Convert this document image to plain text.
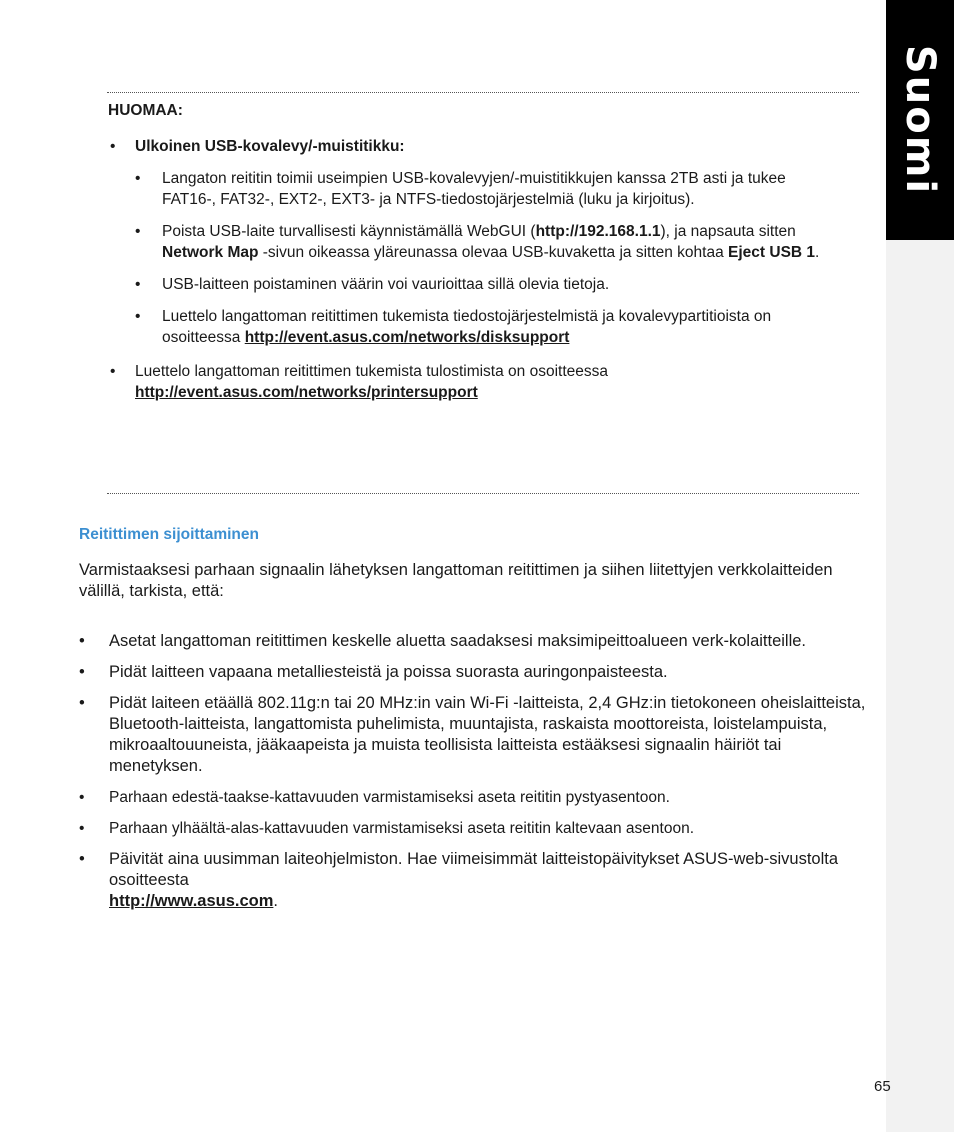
Suomi
HUOMAA:
• Ulkoinen USB-kovalevy/-muistitikku:
• Langaton reititin toimii useimpien USB-kovalevyjen/-muistitikkujen kanssa 2TB asti ja tukee FAT16-, FAT32-, EXT2-, EXT3- ja NTFS-tiedostojärjestelmiä (luku ja kirjoitus).
• Poista USB-laite turvallisesti käynnistämällä WebGUI (http://192.168.1.1), ja napsauta sitten Network Map -sivun oikeassa yläreunassa olevaa USB-kuvaketta ja sitten kohtaa Eject USB 1.
• USB-laitteen poistaminen väärin voi vaurioittaa sillä olevia tietoja.
• Luettelo langattoman reitittimen tukemista tiedostojärjestelmistä ja kovalevypartitioista on osoitteessa http://event.asus.com/networks/disksupport
• Luettelo langattoman reitittimen tukemista tulostimista on osoitteessa http://event.asus.com/networks/printersupport
Reitittimen sijoittaminen

Varmistaaksesi parhaan signaalin lähetyksen langattoman reitittimen ja siihen liitettyjen verkkolaitteiden välillä, tarkista, että:

• Asetat langattoman reitittimen keskelle aluetta saadaksesi maksimipeittoalueen verk-kolaitteille.
• Pidät laitteen vapaana metalliesteistä ja poissa suorasta auringonpaisteesta.
• Pidät laiteen etäällä 802.11g:n tai 20 MHz:in vain Wi-Fi -laitteista, 2,4 GHz:in tietokoneen oheislaitteista, Bluetooth-laitteista, langattomista puhelimista, muuntajista, raskaista moottoreista, loistelampuista, mikroaaltouuneista, jääkaapeista ja muista teollisista laitteista estääksesi signaalin häiriöt tai menetyksen.
• Parhaan edestä-taakse-kattavuuden varmistamiseksi aseta reititin pystyasentoon.
• Parhaan ylhäältä-alas-kattavuuden varmistamiseksi aseta reititin kaltevaan asentoon.
• Päivität aina uusimman laiteohjelmiston. Hae viimeisimmät laitteistopäivitykset ASUS-web-sivustolta osoitteesta
http://www.asus.com.
65
